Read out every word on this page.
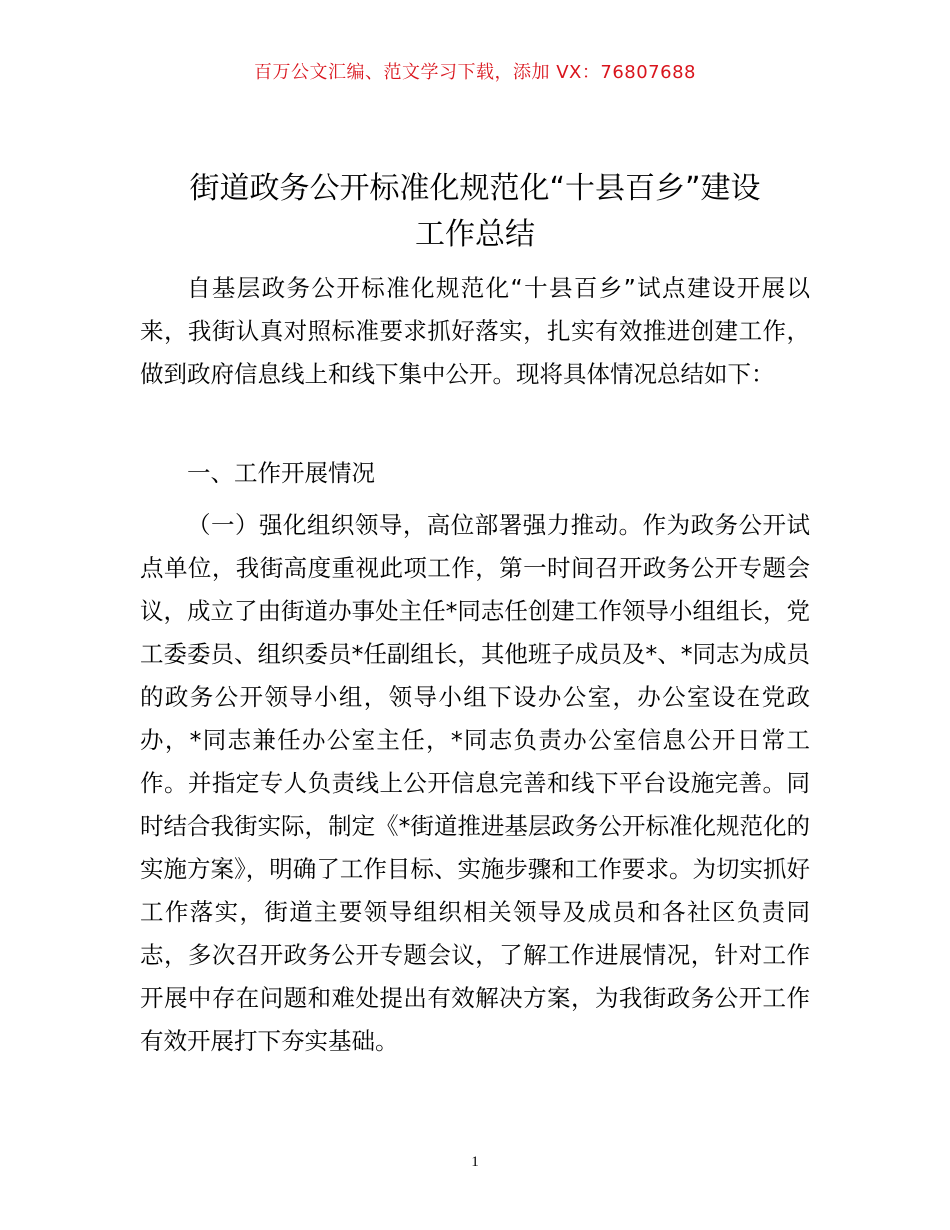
百万公文汇编、范文学习下载，添加 VX：76807688
街道政务公开标准化规范化“十县百乡”建设
工作总结

自基层政务公开标准化规范化“十县百乡”试点建设开展以来，我街认真对照标准要求抓好落实，扎实有效推进创建工作，做到政府信息线上和线下集中公开。现将具体情况总结如下：

一、工作开展情况

（一）强化组织领导，高位部署强力推动。作为政务公开试点单位，我街高度重视此项工作，第一时间召开政务公开专题会议，成立了由街道办事处主任*同志任创建工作领导小组组长，党工委委员、组织委员*任副组长，其他班子成员及*、*同志为成员的政务公开领导小组，领导小组下设办公室，办公室设在党政办，*同志兼任办公室主任，*同志负责办公室信息公开日常工作。并指定专人负责线上公开信息完善和线下平台设施完善。同时结合我街实际，制定《*街道推进基层政务公开标准化规范化的实施方案》，明确了工作目标、实施步骤和工作要求。为切实抓好工作落实，街道主要领导组织相关领导及成员和各社区负责同志，多次召开政务公开专题会议，了解工作进展情况，针对工作开展中存在问题和难处提出有效解决方案，为我街政务公开工作有效开展打下夯实基础。

1
